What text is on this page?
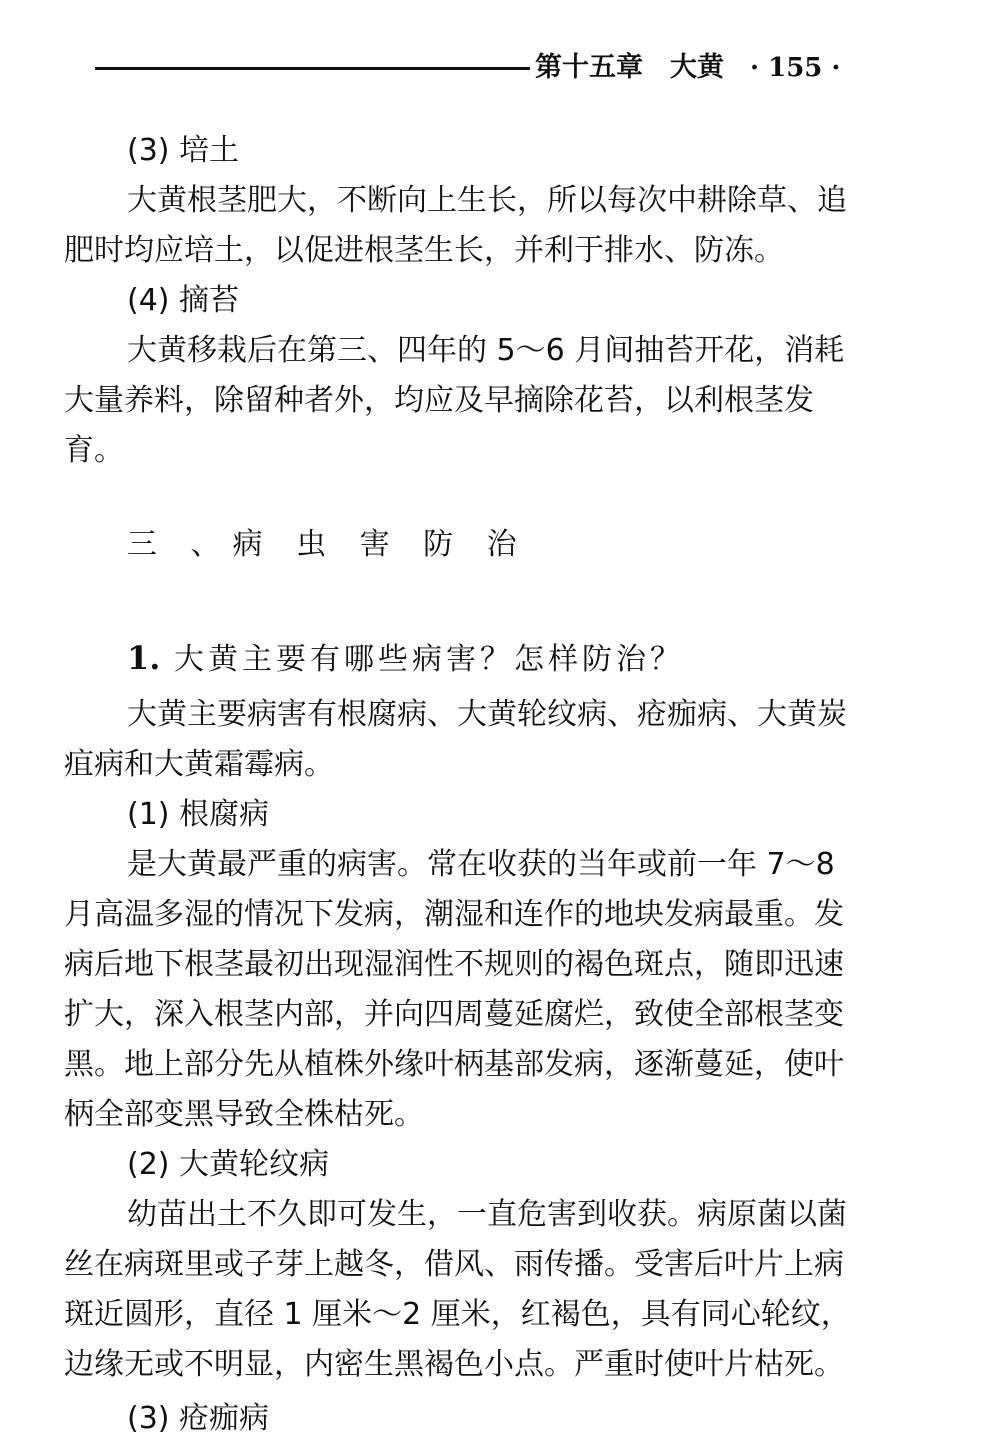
第十五章　大黄 · 155 ·

(3) 培土

大黄根茎肥大，不断向上生长，所以每次中耕除草、追

肥时均应培土，以促进根茎生长，并利于排水、防冻。

(4) 摘苔

大黄移栽后在第三、四年的 5～6 月间抽苔开花，消耗

大量养料，除留种者外，均应及早摘除花苔，以利根茎发

育。

三 、病 虫 害 防 治

1. 大黄主要有哪些病害？怎样防治？

大黄主要病害有根腐病、大黄轮纹病、疮痂病、大黄炭

疽病和大黄霜霉病。

(1) 根腐病

是大黄最严重的病害。常在收获的当年或前一年 7～8

月高温多湿的情况下发病，潮湿和连作的地块发病最重。发

病后地下根茎最初出现湿润性不规则的褐色斑点，随即迅速

扩大，深入根茎内部，并向四周蔓延腐烂，致使全部根茎变

黑。地上部分先从植株外缘叶柄基部发病，逐渐蔓延，使叶

柄全部变黑导致全株枯死。

(2) 大黄轮纹病

幼苗出土不久即可发生，一直危害到收获。病原菌以菌

丝在病斑里或子芽上越冬，借风、雨传播。受害后叶片上病

斑近圆形，直径 1 厘米～2 厘米，红褐色，具有同心轮纹，

边缘无或不明显，内密生黑褐色小点。严重时使叶片枯死。

(3) 疮痂病
